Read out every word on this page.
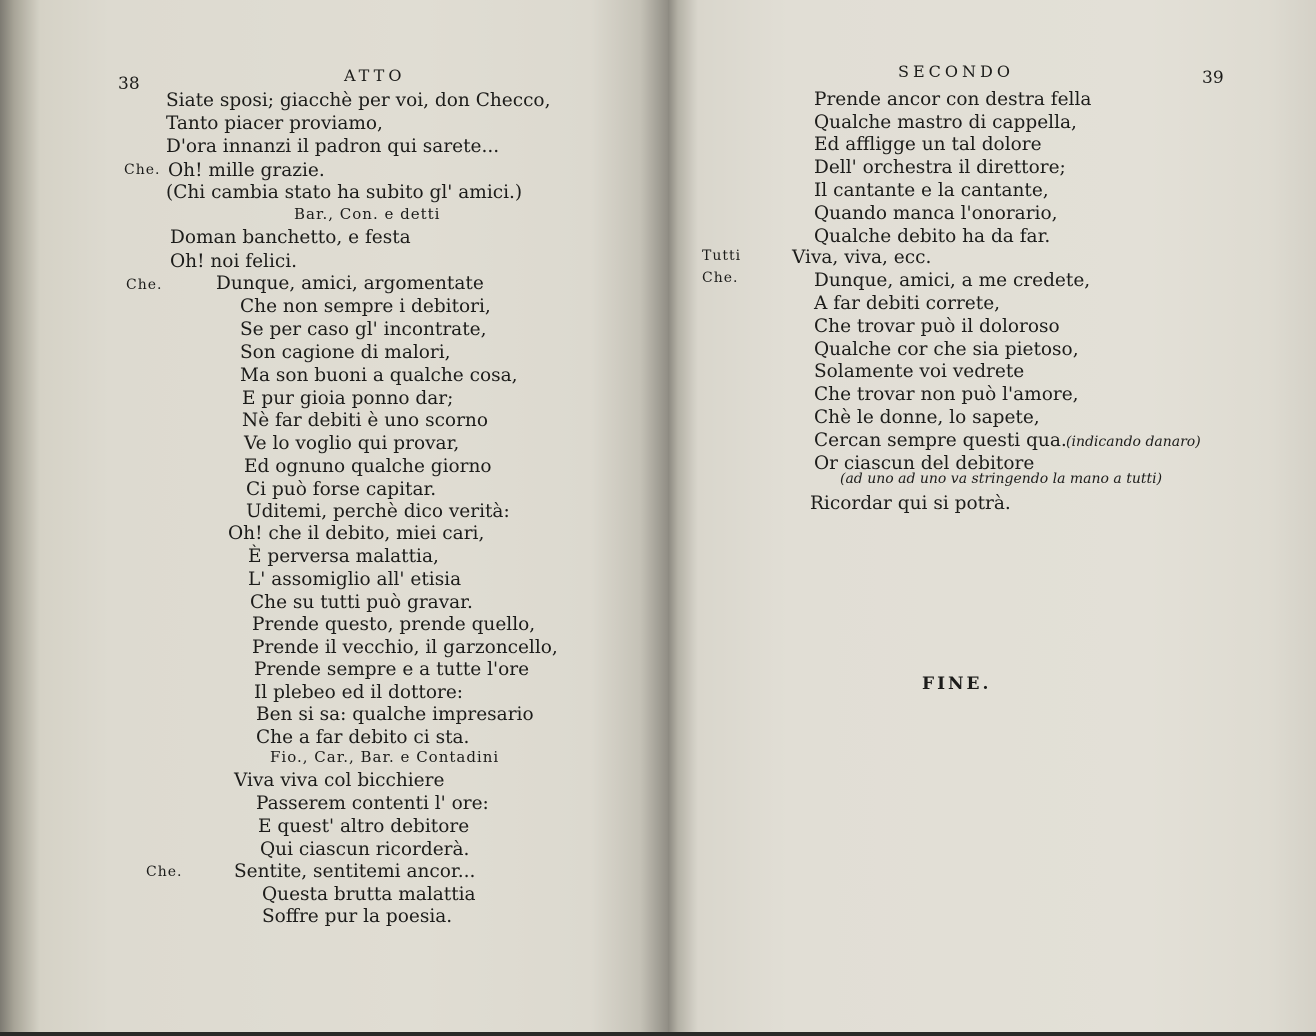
38	ATTO
Siate sposi; giacchè per voi, don Checco,
Tanto piacer proviamo,
D'ora innanzi il padron qui sarete...
Che. Oh! mille grazie.
(Chi cambia stato ha subito gl' amici.)
Bar., Con. e detti
Doman banchetto, e festa
Oh! noi felici.
Che.	Dunque, amici, argomentate
Che non sempre i debitori,
Se per caso gl' incontrate,
Son cagione di malori,
Ma son buoni a qualche cosa,
E pur gioia ponno dar;
Nè far debiti è uno scorno
Ve lo voglio qui provar,
Ed ognuno qualche giorno
Ci può forse capitar.
Uditemi, perchè dico verità:
Oh! che il debito, miei cari,
È perversa malattia,
L' assomiglio all' etisia
Che su tutti può gravar.
Prende questo, prende quello,
Prende il vecchio, il garzoncello,
Prende sempre e a tutte l'ore
Il plebeo ed il dottore:
Ben si sa: qualche impresario
Che a far debito ci sta.
Fio., Car., Bar. e Contadini
Viva viva col bicchiere
Passerem contenti l' ore:
E quest' altro debitore
Qui ciascun ricorderà.
Che.	Sentite, sentitemi ancor...
Questa brutta malattia
Soffre pur la poesia.
SECONDO	39
Prende ancor con destra fella
Qualche mastro di cappella,
Ed affligge un tal dolore
Dell' orchestra il direttore;
Il cantante e la cantante,
Quando manca l'onorario,
Qualche debito ha da far.
Tutti	Viva, viva, ecc.
Che.	Dunque, amici, a me credete,
A far debiti correte,
Che trovar può il doloroso
Qualche cor che sia pietoso,
Solamente voi vedrete
Che trovar non può l'amore,
Chè le donne, lo sapete,
Cercan sempre questi qua. (indicando danaro)
Or ciascun del debitore
(ad uno ad uno va stringendo la mano a tutti)
Ricordar qui si potrà.
FINE.
